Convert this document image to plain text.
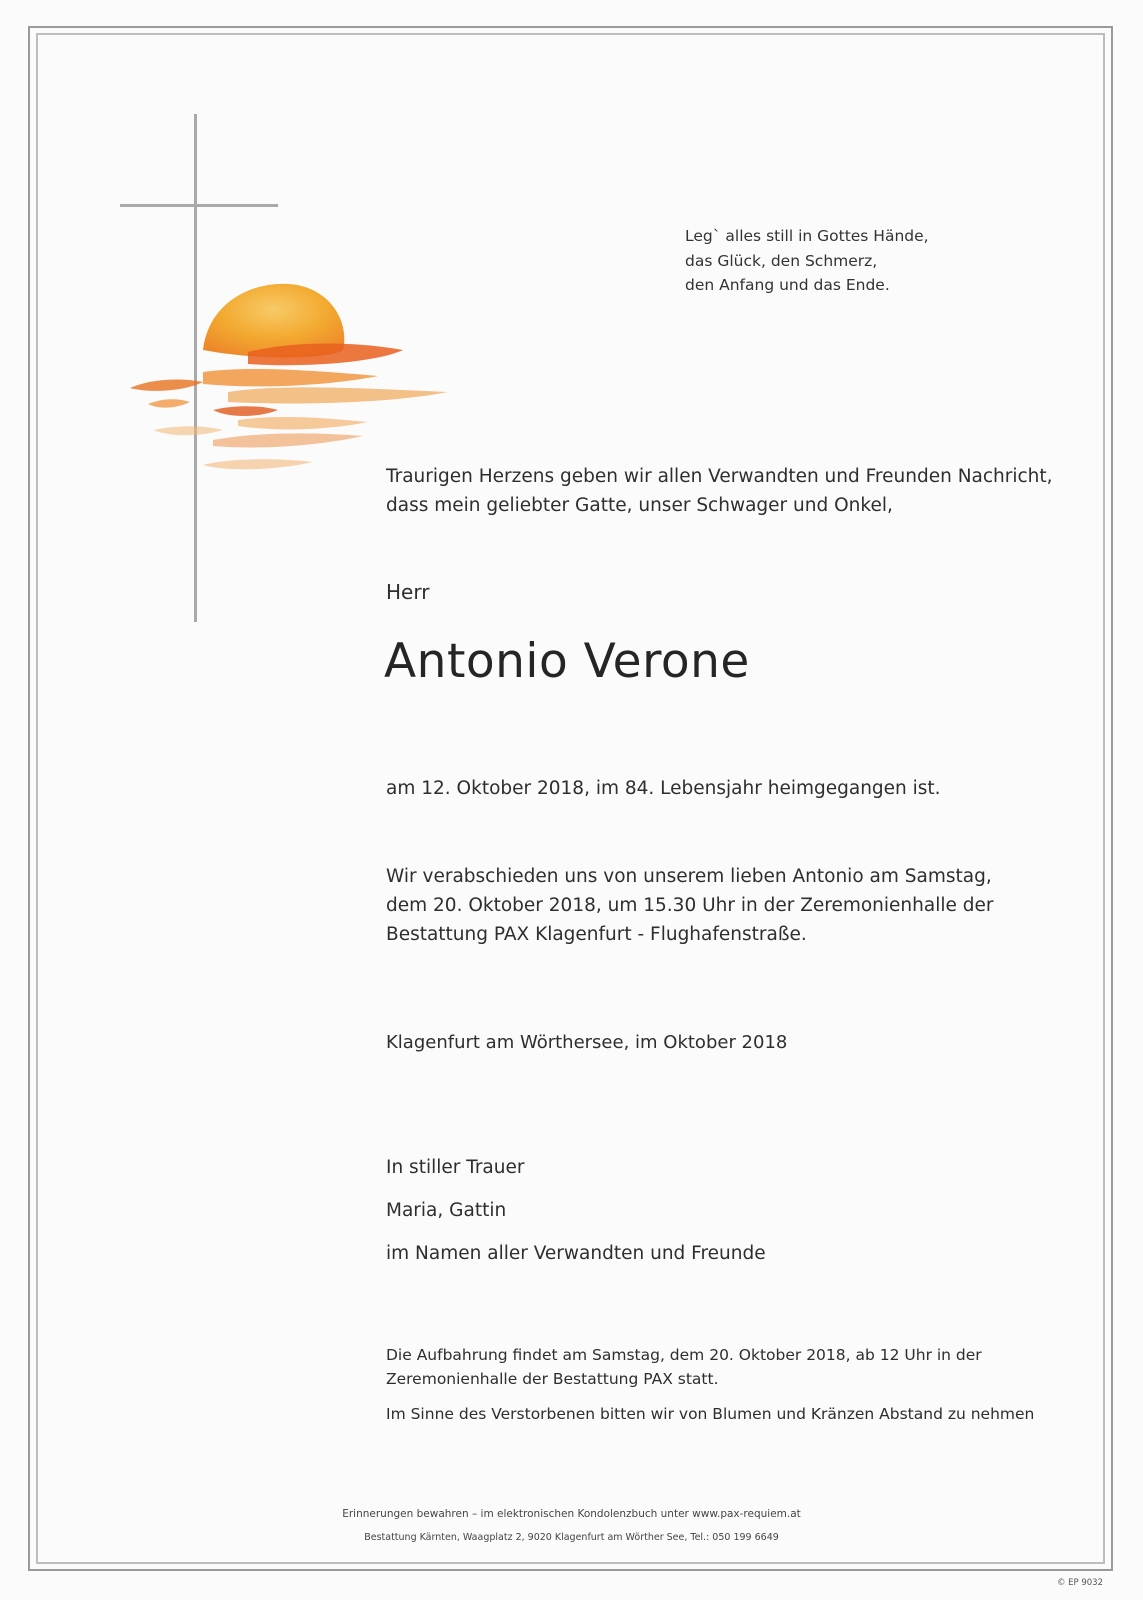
Leg` alles still in Gottes Hände,
das Glück, den Schmerz,
den Anfang und das Ende.
Traurigen Herzens geben wir allen Verwandten und Freunden Nachricht,
dass mein geliebter Gatte, unser Schwager und Onkel,
Herr
Antonio Verone
am 12. Oktober 2018, im 84. Lebensjahr heimgegangen ist.
Wir verabschieden uns von unserem lieben Antonio am Samstag,
dem 20. Oktober 2018, um 15.30 Uhr in der Zeremonienhalle der
Bestattung PAX Klagenfurt - Flughafenstraße.
Klagenfurt am Wörthersee, im Oktober 2018
In stiller Trauer
Maria, Gattin
im Namen aller Verwandten und Freunde
Die Aufbahrung findet am Samstag, dem 20. Oktober 2018, ab 12 Uhr in der
Zeremonienhalle der Bestattung PAX statt.
Im Sinne des Verstorbenen bitten wir von Blumen und Kränzen Abstand zu nehmen
Erinnerungen bewahren – im elektronischen Kondolenzbuch unter www.pax-requiem.at
Bestattung Kärnten, Waagplatz 2, 9020 Klagenfurt am Wörther See, Tel.: 050 199 6649
© EP 9032
